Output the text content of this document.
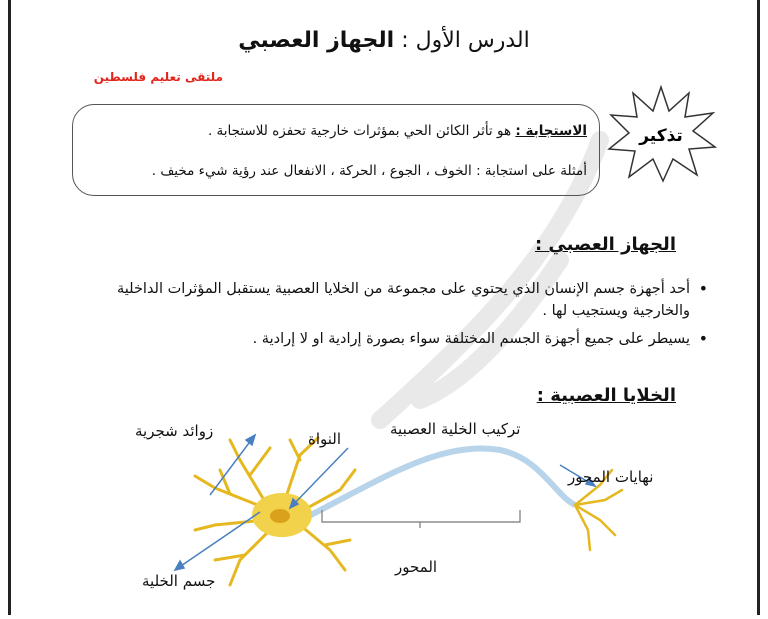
الدرس الأول : الجهاز العصبي
ملتقى تعليم فلسطين
الاستجابة : هو تأثر الكائن الحي بمؤثرات خارجية تحفزه للاستجابة .
أمثلة على استجابة : الخوف ، الجوع ، الحركة ، الانفعال عند رؤية شيء مخيف .
تذكير
الجهاز العصبي :
• أحد أجهزة جسم الإنسان الذي يحتوي على مجموعة من الخلايا العصبية يستقبل المؤثرات الداخلية والخارجية ويستجيب لها .
• يسيطر على جميع أجهزة الجسم المختلفة سواء بصورة إرادية او لا إرادية .
الخلايا العصبية :
زوائد شجرية	النواة
تركيب الخلية العصبية
نهايات المحور
جسم الخلية
المحور
